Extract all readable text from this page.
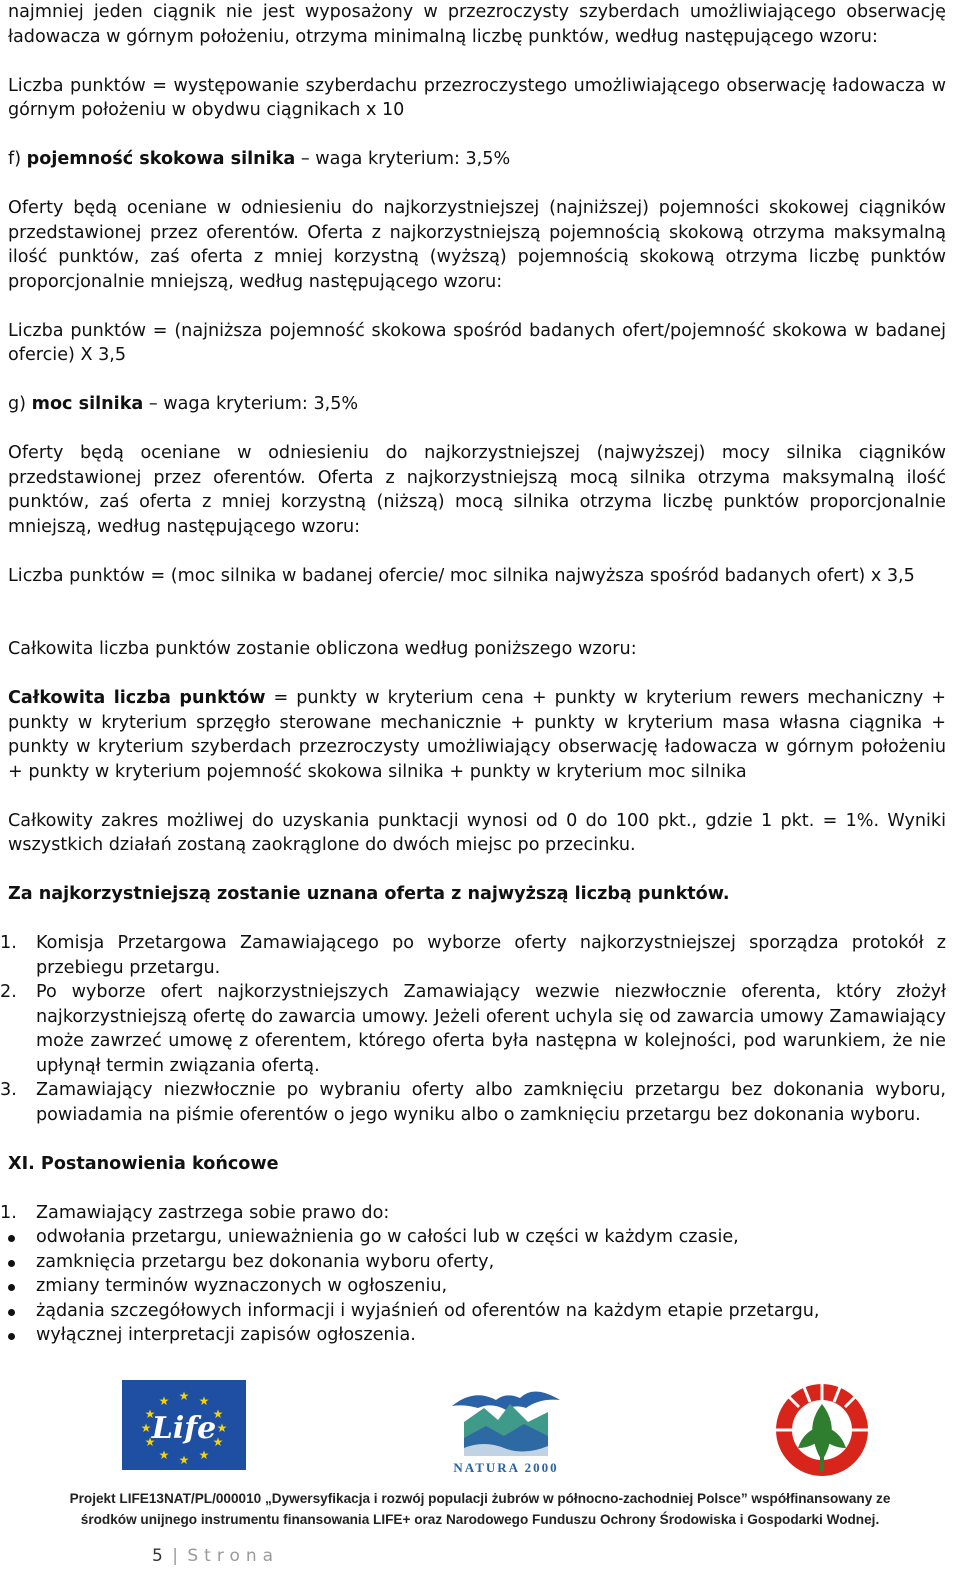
najmniej jeden ciągnik nie jest wyposażony w przezroczysty szyberdach umożliwiającego obserwację ładowacza w górnym położeniu, otrzyma minimalną liczbę punktów, według następującego wzoru:

Liczba punktów = występowanie szyberdachu przezroczystego umożliwiającego obserwację ładowacza w górnym położeniu w obydwu ciągnikach x 10

f) pojemność skokowa silnika – waga kryterium: 3,5%

Oferty będą oceniane w odniesieniu do najkorzystniejszej (najniższej) pojemności skokowej ciągników przedstawionej przez oferentów. Oferta z najkorzystniejszą pojemnością skokową otrzyma maksymalną ilość punktów, zaś oferta z mniej korzystną (wyższą) pojemnością skokową otrzyma liczbę punktów proporcjonalnie mniejszą, według następującego wzoru:

Liczba punktów = (najniższa pojemność skokowa spośród badanych ofert/pojemność skokowa w badanej ofercie) X 3,5

g) moc silnika – waga kryterium: 3,5%

Oferty będą oceniane w odniesieniu do najkorzystniejszej (najwyższej) mocy silnika ciągników przedstawionej przez oferentów. Oferta z najkorzystniejszą mocą silnika otrzyma maksymalną ilość punktów, zaś oferta z mniej korzystną (niższą) mocą silnika otrzyma liczbę punktów proporcjonalnie mniejszą, według następującego wzoru:

Liczba punktów = (moc silnika w badanej ofercie/ moc silnika najwyższa spośród badanych ofert) x 3,5

Całkowita liczba punktów zostanie obliczona według poniższego wzoru:

Całkowita liczba punktów = punkty w kryterium cena + punkty w kryterium rewers mechaniczny + punkty w kryterium sprzęgło sterowane mechanicznie + punkty w kryterium masa własna ciągnika + punkty w kryterium szyberdach przezroczysty umożliwiający obserwację ładowacza w górnym położeniu + punkty w kryterium pojemność skokowa silnika + punkty w kryterium moc silnika

Całkowity zakres możliwej do uzyskania punktacji wynosi od 0 do 100 pkt., gdzie 1 pkt. = 1%. Wyniki wszystkich działań zostaną zaokrąglone do dwóch miejsc po przecinku.

Za najkorzystniejszą zostanie uznana oferta z najwyższą liczbą punktów.

1. Komisja Przetargowa Zamawiającego po wyborze oferty najkorzystniejszej sporządza protokół z przebiegu przetargu.
2. Po wyborze ofert najkorzystniejszych Zamawiający wezwie niezwłocznie oferenta, który złożył najkorzystniejszą ofertę do zawarcia umowy. Jeżeli oferent uchyla się od zawarcia umowy Zamawiający może zawrzeć umowę z oferentem, którego oferta była następna w kolejności, pod warunkiem, że nie upłynął termin związania ofertą.
3. Zamawiający niezwłocznie po wybraniu oferty albo zamknięciu przetargu bez dokonania wyboru, powiadamia na piśmie oferentów o jego wyniku albo o zamknięciu przetargu bez dokonania wyboru.

XI. Postanowienia końcowe

1. Zamawiający zastrzega sobie prawo do:
odwołania przetargu, unieważnienia go w całości lub w części w każdym czasie,
zamknięcia przetargu bez dokonania wyboru oferty,
zmiany terminów wyznaczonych w ogłoszeniu,
żądania szczegółowych informacji i wyjaśnień od oferentów na każdym etapie przetargu,
wyłącznej interpretacji zapisów ogłoszenia.
★ ★
★
★
★
★
★
★
★
★
★
★
Life
NATURA 2000
Projekt LIFE13NAT/PL/000010 „Dywersyfikacja i rozwój populacji żubrów w północno-zachodniej Polsce” współfinansowany ze
środków unijnego instrumentu finansowania LIFE+ oraz Narodowego Funduszu Ochrony Środowiska i Gospodarki Wodnej.
5 | Strona
